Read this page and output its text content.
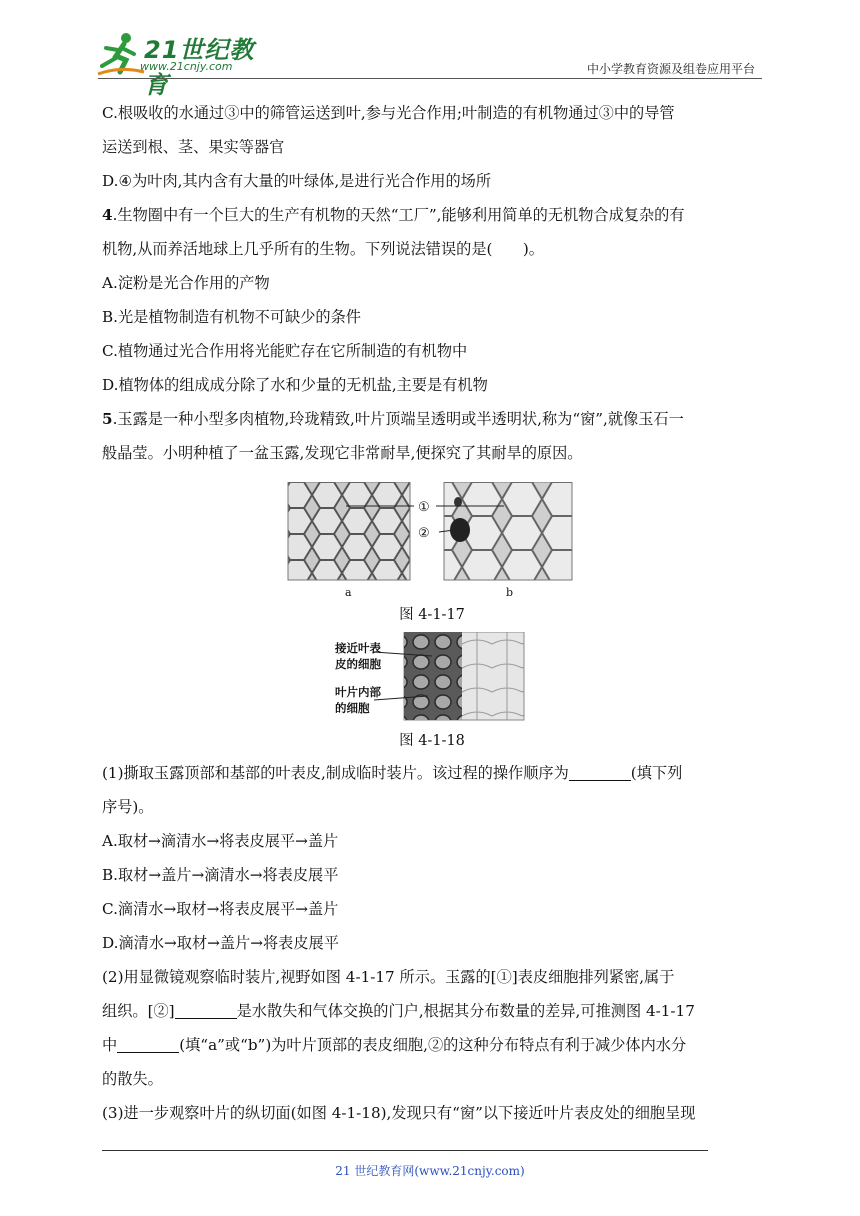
21世纪教育
www.21cnjy.com	中小学教育资源及组卷应用平台

C.根吸收的水通过③中的筛管运送到叶,参与光合作用;叶制造的有机物通过③中的导管

运送到根、茎、果实等器官

D.④为叶肉,其内含有大量的叶绿体,是进行光合作用的场所

4.生物圈中有一个巨大的生产有机物的天然“工厂”,能够利用简单的无机物合成复杂的有

机物,从而养活地球上几乎所有的生物。下列说法错误的是(　　)。

A.淀粉是光合作用的产物

B.光是植物制造有机物不可缺少的条件

C.植物通过光合作用将光能贮存在它所制造的有机物中

D.植物体的组成成分除了水和少量的无机盐,主要是有机物

5.玉露是一种小型多肉植物,玲珑精致,叶片顶端呈透明或半透明状,称为“窗”,就像玉石一

般晶莹。小明种植了一盆玉露,发现它非常耐旱,便探究了其耐旱的原因。

①
②
a	b
图 4-1-17
接近叶表
皮的细胞
叶片内部
的细胞
图 4-1-18

(1)撕取玉露顶部和基部的叶表皮,制成临时装片。该过程的操作顺序为	(填下列

序号)。

A.取材→滴清水→将表皮展平→盖片

B.取材→盖片→滴清水→将表皮展平

C.滴清水→取材→将表皮展平→盖片

D.滴清水→取材→盖片→将表皮展平

(2)用显微镜观察临时装片,视野如图 4-1-17 所示。玉露的[①]表皮细胞排列紧密,属于

组织。[②]	是水散失和气体交换的门户,根据其分布数量的差异,可推测图 4-1-17

中	(填“a”或“b”)为叶片顶部的表皮细胞,②的这种分布特点有利于减少体内水分

的散失。

(3)进一步观察叶片的纵切面(如图 4-1-18),发现只有“窗”以下接近叶片表皮处的细胞呈现

21 世纪教育网(www.21cnjy.com)
